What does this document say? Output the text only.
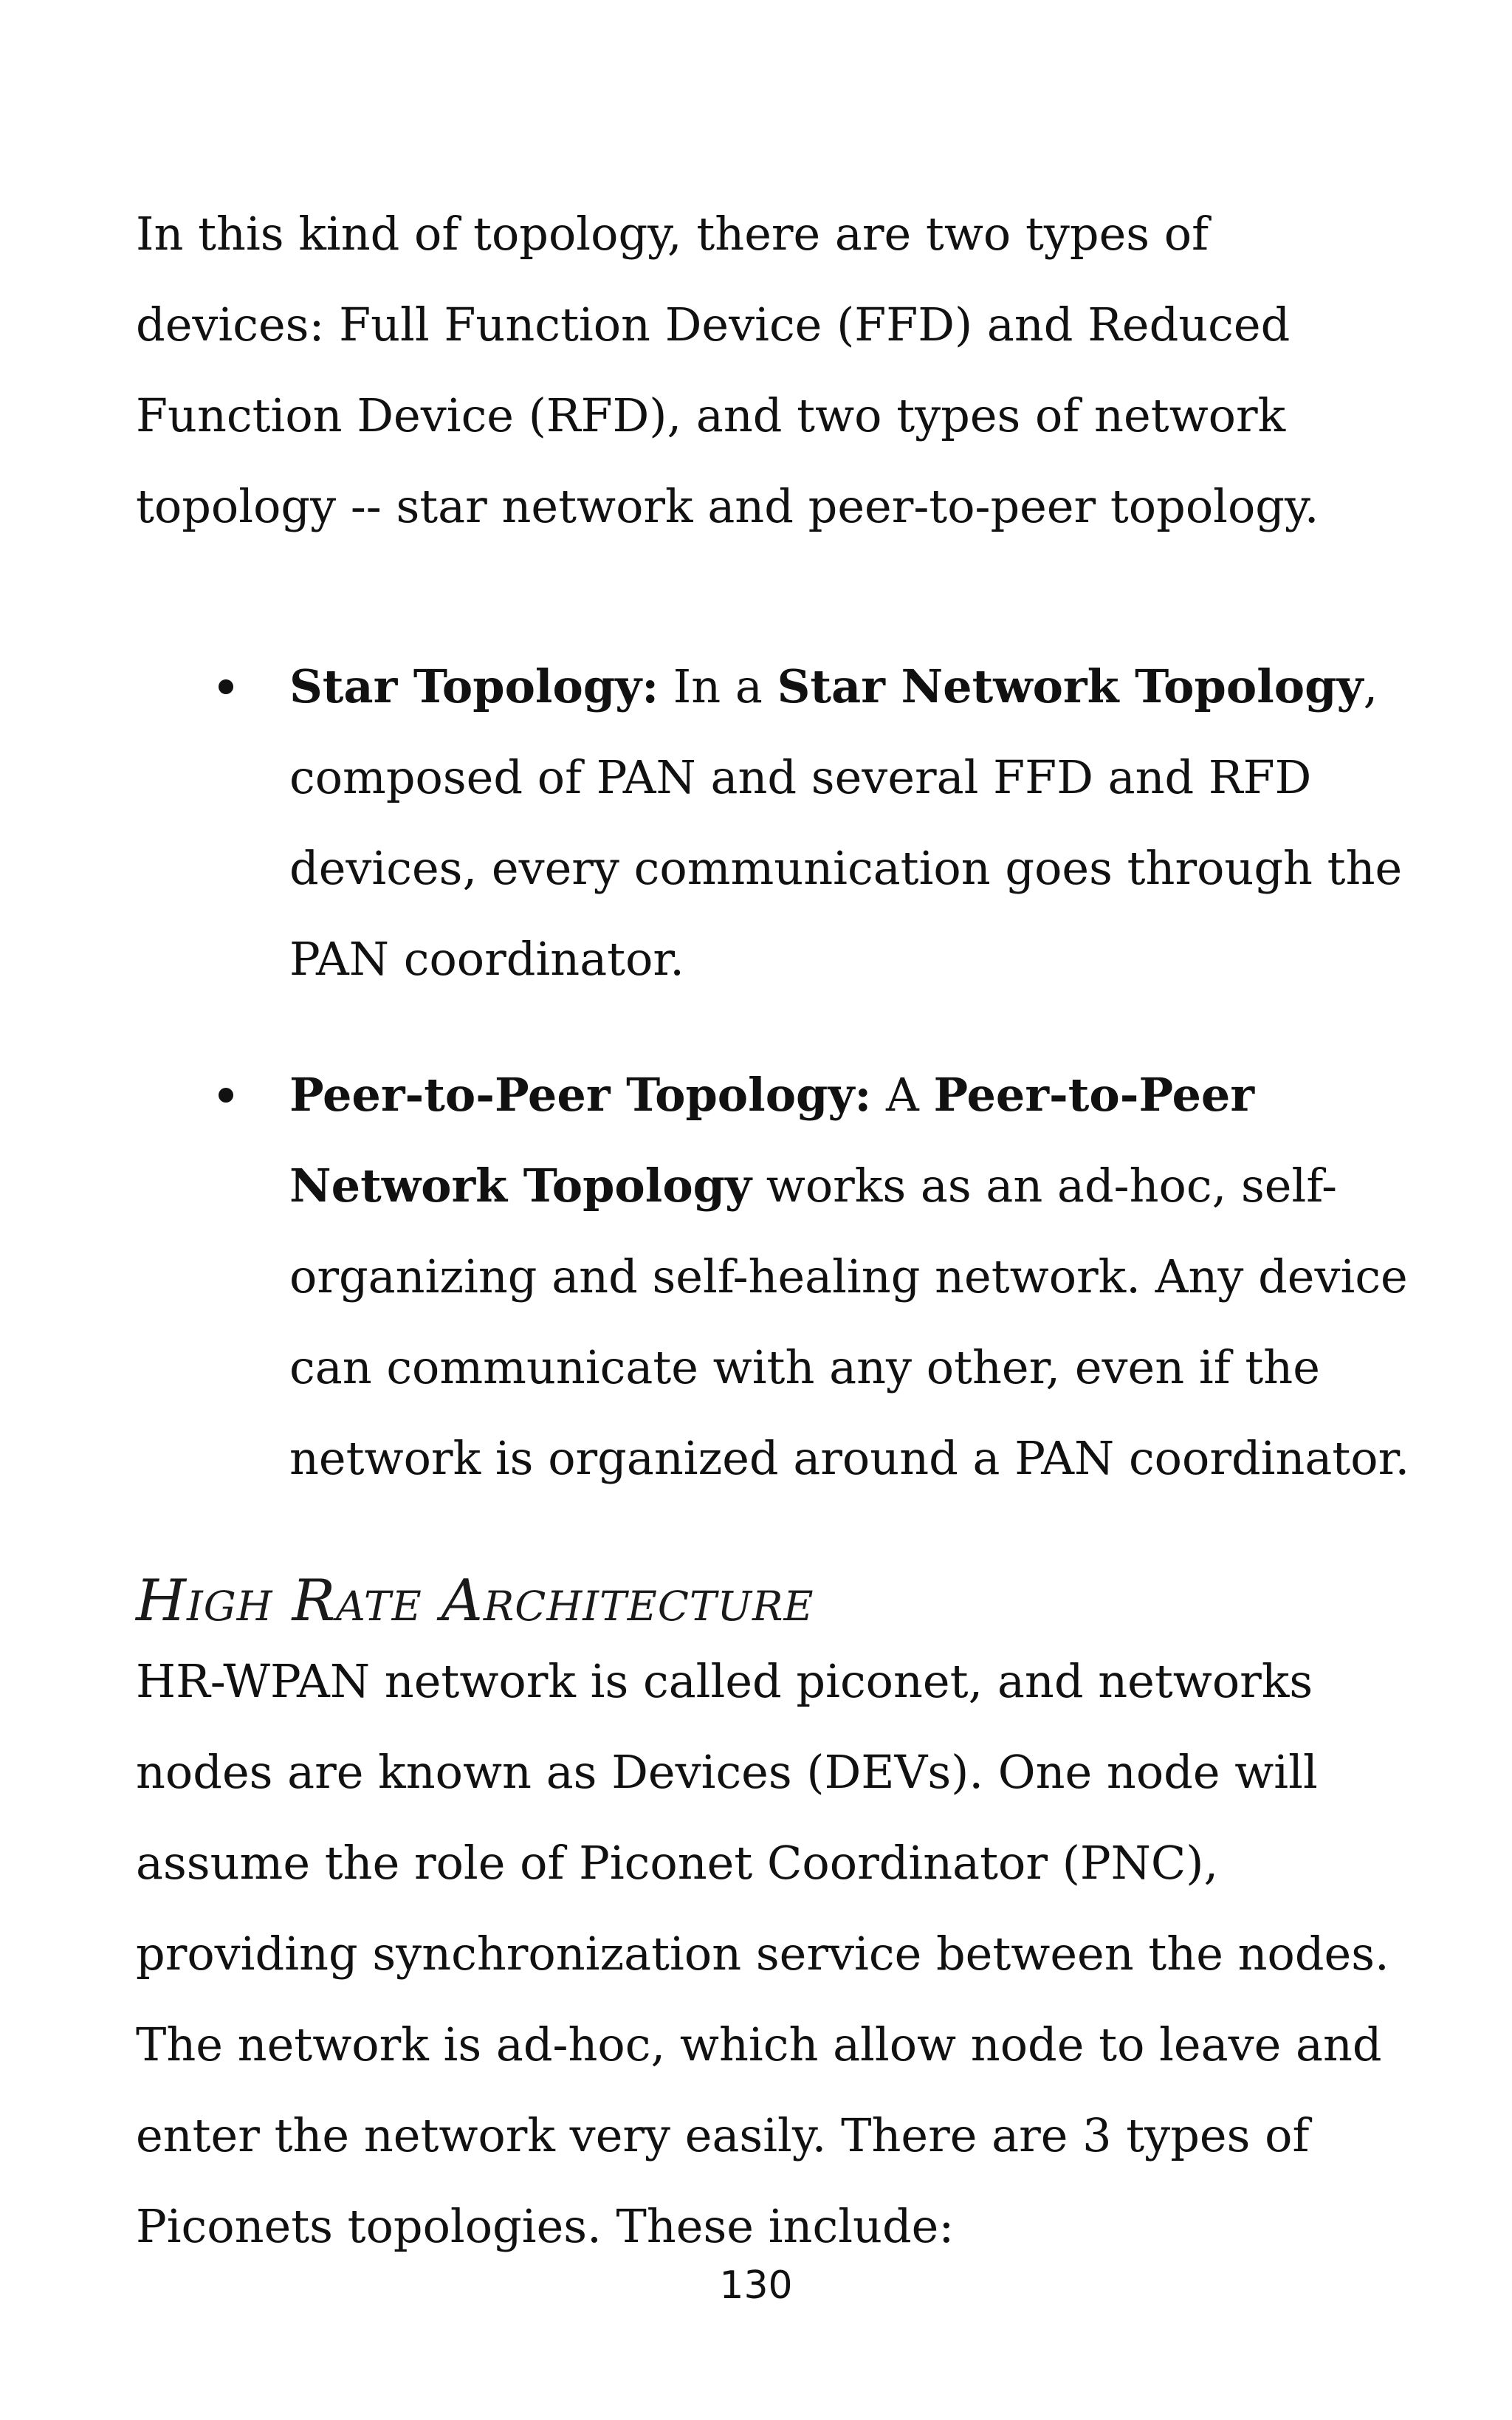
In this kind of topology, there are two types of devices: Full Function Device (FFD) and Reduced Function Device (RFD), and two types of network topology -- star network and peer-to-peer topology.

Star Topology: In a Star Network Topology, composed of PAN and several FFD and RFD devices, every communication goes through the PAN coordinator.

Peer-to-Peer Topology: A Peer-to-Peer Network Topology works as an ad-hoc, self-organizing and self-healing network. Any device can communicate with any other, even if the network is organized around a PAN coordinator.

High Rate Architecture

HR-WPAN network is called piconet, and networks nodes are known as Devices (DEVs). One node will assume the role of Piconet Coordinator (PNC), providing synchronization service between the nodes. The network is ad-hoc, which allow node to leave and enter the network very easily. There are 3 types of Piconets topologies. These include:

130
